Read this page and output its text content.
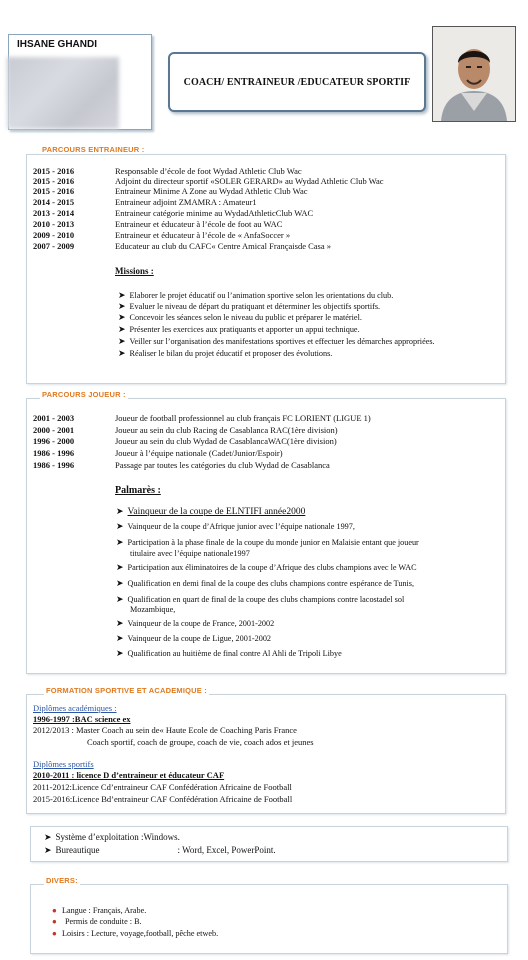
IHSANE GHANDI
COACH/ ENTRAINEUR /EDUCATEUR SPORTIF
PARCOURS ENTRAINEUR :
2015 - 2016	Responsable d’école de foot Wydad Athletic Club Wac
2015 - 2016	Adjoint du directeur sportif «SOLER GERARD» au Wydad Athletic Club Wac
2015 - 2016	Entraineur Minime A Zone au Wydad Athletic Club Wac
2014 - 2015	Entraineur adjoint ZMAMRA : Amateur1
2013 - 2014	Entraineur catégorie minime au WydadAthleticClub WAC
2010 - 2013	Entraineur et éducateur à l’école de foot au WAC
2009 - 2010	Entraineur et éducateur à l’école de « AnfaSoccer »
2007 - 2009	Educateur au club du CAFC« Centre Amical Françaisde Casa »
Missions :
➤ Elaborer le projet éducatif ou l’animation sportive selon les orientations du club.
➤ Evaluer le niveau de départ du pratiquant et déterminer les objectifs sportifs.
➤ Concevoir les séances selon le niveau du public et préparer le matériel.
➤ Présenter les exercices aux pratiquants et apporter un appui technique.
➤ Veiller sur l’organisation des manifestations sportives et effectuer les démarches appropriées.
➤ Réaliser le bilan du projet éducatif et proposer des évolutions.
PARCOURS JOUEUR :
2001 - 2003	Joueur de football professionnel au club français FC LORIENT (LIGUE 1)
2000 - 2001	Joueur au sein du club Racing de Casablanca RAC(1ère division)
1996 - 2000	Joueur au sein du club Wydad de CasablancaWAC(1ère division)
1986 - 1996	Joueur à l’équipe nationale (Cadet/Junior/Espoir)
1986 - 1996	Passage par toutes les catégories du club Wydad de Casablanca
Palmarès :
➤ Vainqueur de la coupe de ELNTIFI année2000
➤ Vainqueur de la coupe d’Afrique junior avec l’équipe nationale 1997,
➤ Participation à la phase finale de la coupe du monde junior en Malaisie entant que joueur
titulaire avec l’équipe nationale1997
➤ Participation aux éliminatoires de la coupe d’Afrique des clubs champions avec le WAC
➤ Qualification en demi final de la coupe des clubs champions contre espérance de Tunis,
➤ Qualification en quart de final de la coupe des clubs champions contre lacostadel sol
Mozambique,
➤ Vainqueur de la coupe de France, 2001-2002
➤ Vainqueur de la coupe de Ligue, 2001-2002
➤ Qualification au huitième de final contre Al Ahli de Tripoli Libye
FORMATION SPORTIVE ET ACADEMIQUE :
Diplômes académiques :
1996-1997 :BAC science ex
2012/2013 : Master Coach au sein de« Haute Ecole de Coaching Paris France
Coach sportif, coach de groupe, coach de vie, coach ados et jeunes
Diplômes sportifs
2010-2011 : licence D d’entraineur et éducateur CAF
2011-2012:Licence Cd’entraineur CAF Confédération Africaine de Football
2015-2016:Licence Bd’entraineur CAF Confédération Africaine de Football
➤ Système d’exploitation :Windows.
➤ Bureautique	: Word, Excel, PowerPoint.
DIVERS:
● Langue : Français, Arabe.
● Permis de conduite : B.
● Loisirs : Lecture, voyage,football, pêche etweb.
